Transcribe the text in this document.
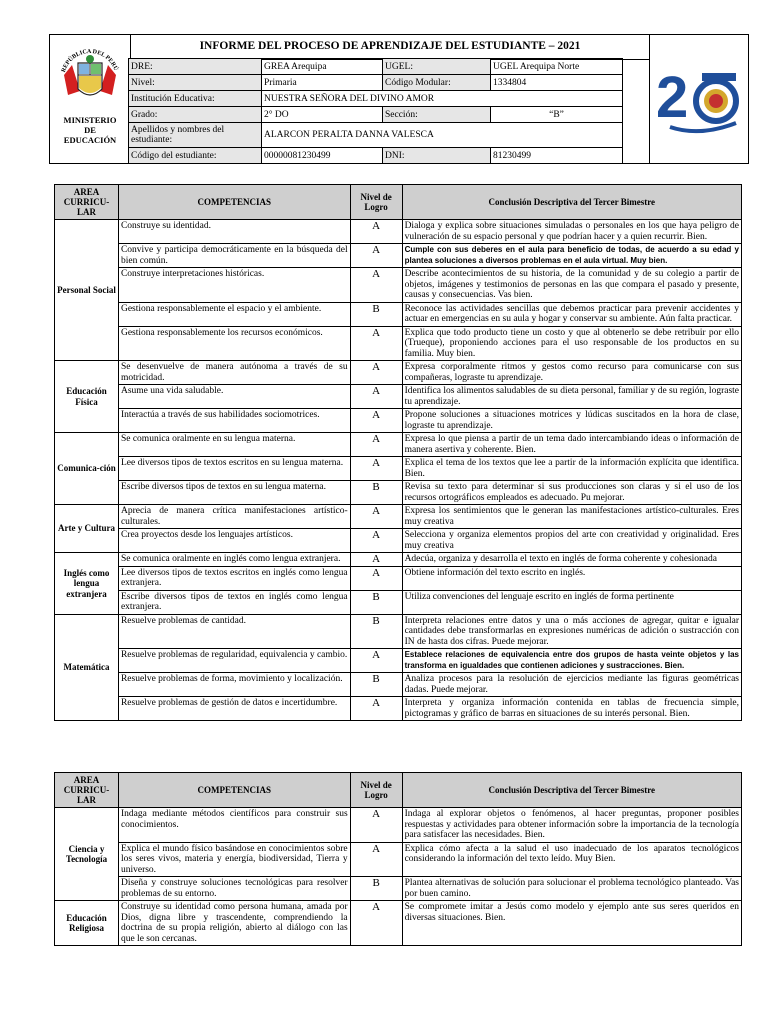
REPÚBLICA DEL PERÚ
MINISTERIO
DE
EDUCACIÓN
INFORME DEL PROCESO DE APRENDIZAJE DEL ESTUDIANTE – 2021
2
DRE:	GREA Arequipa	UGEL:	UGEL Arequipa Norte
Nivel:	Primaria	Código Modular:	1334804
Institución Educativa:	NUESTRA SEÑORA DEL DIVINO AMOR		
Grado:	2° DO	Sección:	“B”
Apellidos y nombres del estudiante:	ALARCON PERALTA DANNA VALESCA		
Código del estudiante:	00000081230499	DNI:	81230499
AREA CURRICU-LAR	COMPETENCIAS	Nivel de Logro	Conclusión Descriptiva del Tercer Bimestre
Personal Social	Construye su identidad.	A	Dialoga y explica sobre situaciones simuladas o personales en los que haya peligro de vulneración de su espacio personal y que podrían hacer y a quien recurrir. Bien.
	Convive y participa democráticamente en la búsqueda del bien común.	A	Cumple con sus deberes en el aula para beneficio de todas, de acuerdo a su edad y plantea soluciones a diversos problemas en el aula virtual. Muy bien.
	Construye interpretaciones históricas.	A	Describe acontecimientos de su historia, de la comunidad y de su colegio a partir de objetos, imágenes y testimonios de personas en las que compara el pasado y presente, causas y consecuencias. Vas bien.
	Gestiona responsablemente el espacio y el ambiente.	B	Reconoce las actividades sencillas que debemos practicar para prevenir accidentes y actuar en emergencias en su aula y hogar y conservar su ambiente. Aún falta practicar.
	Gestiona responsablemente los recursos económicos.	A	Explica que todo producto tiene un costo y que al obtenerlo se debe retribuir por ello (Trueque), proponiendo acciones para el uso responsable de los productos en su familia. Muy bien.
Educación Física	Se desenvuelve de manera autónoma a través de su motricidad.	A	Expresa corporalmente ritmos y gestos como recurso para comunicarse con sus compañeras, lograste tu aprendizaje.
	Asume una vida saludable.	A	Identifica los alimentos saludables de su dieta personal, familiar y de su región, lograste tu aprendizaje.
	Interactúa a través de sus habilidades sociomotrices.	A	Propone soluciones a situaciones motrices y lúdicas suscitados en la hora de clase, lograste tu aprendizaje.
Comunica-ción	Se comunica oralmente en su lengua materna.	A	Expresa lo que piensa a partir de un tema dado intercambiando ideas o información de manera asertiva y coherente. Bien.
	Lee diversos tipos de textos escritos en su lengua materna.	A	Explica el tema de los textos que lee a partir de la información explícita que identifica. Bien.
	Escribe diversos tipos de textos en su lengua materna.	B	Revisa su texto para determinar si sus producciones son claras y si el uso de los recursos ortográficos empleados es adecuado. Pu mejorar.
Arte y Cultura	Aprecia de manera crítica manifestaciones artístico-culturales.	A	Expresa los sentimientos que le generan las manifestaciones artístico-culturales. Eres muy creativa
	Crea proyectos desde los lenguajes artísticos.	A	Selecciona y organiza elementos propios del arte con creatividad y originalidad. Eres muy creativa
Inglés como lengua extranjera	Se comunica oralmente en inglés como lengua extranjera.	A	Adecúa, organiza y desarrolla el texto en inglés de forma coherente y cohesionada
	Lee diversos tipos de textos escritos en inglés como lengua extranjera.	A	Obtiene información del texto escrito en inglés.
	Escribe diversos tipos de textos en inglés como lengua extranjera.	B	Utiliza convenciones del lenguaje escrito en inglés de forma pertinente
Matemática	Resuelve problemas de cantidad.	B	Interpreta relaciones entre datos y una o más acciones de agregar, quitar e igualar cantidades debe transformarlas en expresiones numéricas de adición o sustracción con IN de hasta dos cifras. Puede mejorar.
	Resuelve problemas de regularidad, equivalencia y cambio.	A	Establece relaciones de equivalencia entre dos grupos de hasta veinte objetos y las transforma en igualdades que contienen adiciones y sustracciones. Bien.
	Resuelve problemas de forma, movimiento y localización.	B	Analiza procesos para la resolución de ejercicios mediante las figuras geométricas dadas. Puede mejorar.
	Resuelve problemas de gestión de datos e incertidumbre.	A	Interpreta y organiza información contenida en tablas de frecuencia simple, pictogramas y gráfico de barras en situaciones de su interés personal. Bien.
AREA CURRICU-LAR	COMPETENCIAS	Nivel de Logro	Conclusión Descriptiva del Tercer Bimestre
Ciencia y Tecnología	Indaga mediante métodos científicos para construir sus conocimientos.	A	Indaga al explorar objetos o fenómenos, al hacer preguntas, proponer posibles respuestas y actividades para obtener información sobre la importancia de la tecnología para satisfacer las necesidades. Bien.
	Explica el mundo físico basándose en conocimientos sobre los seres vivos, materia y energía, biodiversidad, Tierra y universo.	A	Explica cómo afecta a la salud el uso inadecuado de los aparatos tecnológicos considerando la información del texto leído. Muy Bien.
	Diseña y construye soluciones tecnológicas para resolver problemas de su entorno.	B	Plantea alternativas de solución para solucionar el problema tecnológico planteado. Vas por buen camino.
Educación Religiosa	Construye su identidad como persona humana, amada por Dios, digna libre y trascendente, comprendiendo la doctrina de su propia religión, abierto al diálogo con las que le son cercanas.	A	Se compromete imitar a Jesús como modelo y ejemplo ante sus seres queridos en diversas situaciones. Bien.
